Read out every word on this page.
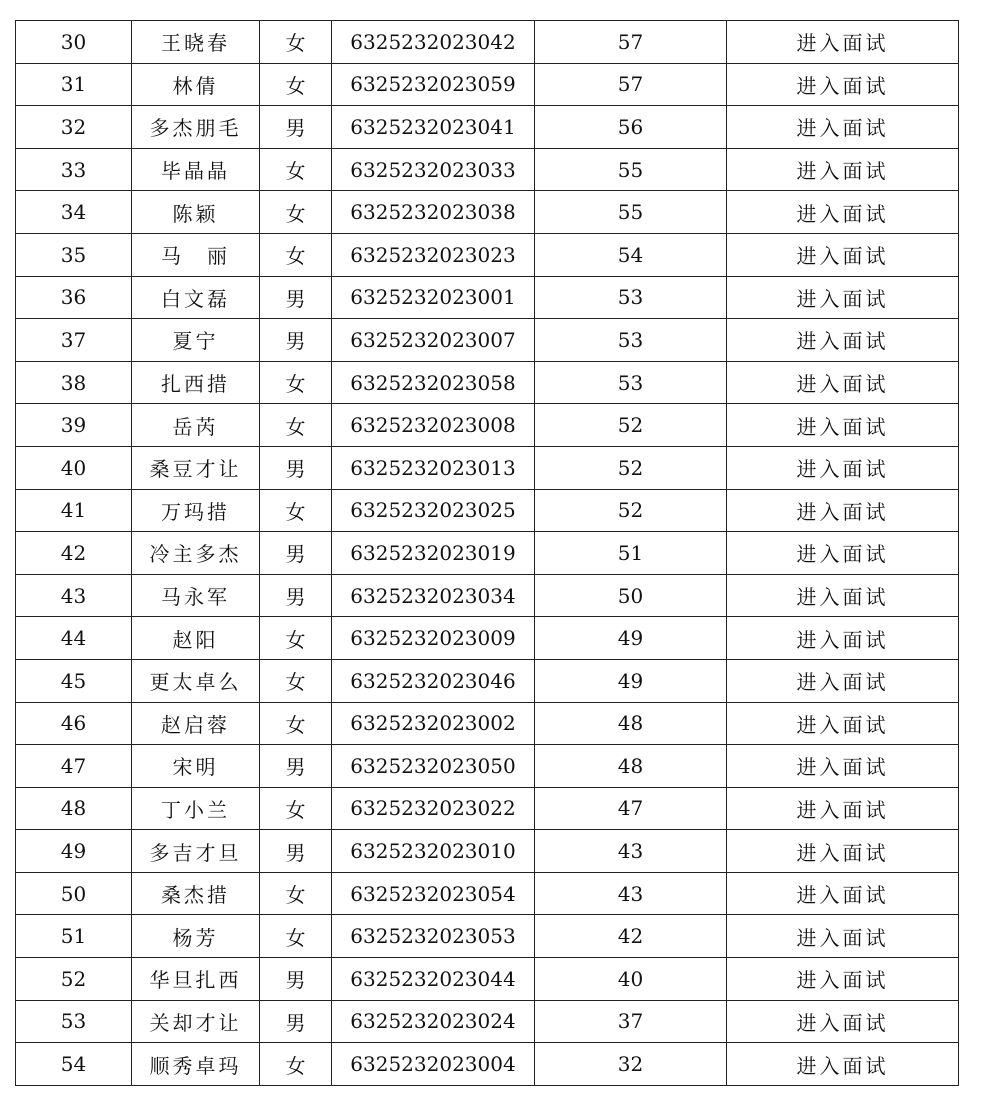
30	王晓春	女	6325232023042	57	进入面试
31	林倩	女	6325232023059	57	进入面试
32	多杰朋毛	男	6325232023041	56	进入面试
33	毕晶晶	女	6325232023033	55	进入面试
34	陈颖	女	6325232023038	55	进入面试
35	马　丽	女	6325232023023	54	进入面试
36	白文磊	男	6325232023001	53	进入面试
37	夏宁	男	6325232023007	53	进入面试
38	扎西措	女	6325232023058	53	进入面试
39	岳芮	女	6325232023008	52	进入面试
40	桑豆才让	男	6325232023013	52	进入面试
41	万玛措	女	6325232023025	52	进入面试
42	冷主多杰	男	6325232023019	51	进入面试
43	马永军	男	6325232023034	50	进入面试
44	赵阳	女	6325232023009	49	进入面试
45	更太卓么	女	6325232023046	49	进入面试
46	赵启蓉	女	6325232023002	48	进入面试
47	宋明	男	6325232023050	48	进入面试
48	丁小兰	女	6325232023022	47	进入面试
49	多吉才旦	男	6325232023010	43	进入面试
50	桑杰措	女	6325232023054	43	进入面试
51	杨芳	女	6325232023053	42	进入面试
52	华旦扎西	男	6325232023044	40	进入面试
53	关却才让	男	6325232023024	37	进入面试
54	顺秀卓玛	女	6325232023004	32	进入面试
